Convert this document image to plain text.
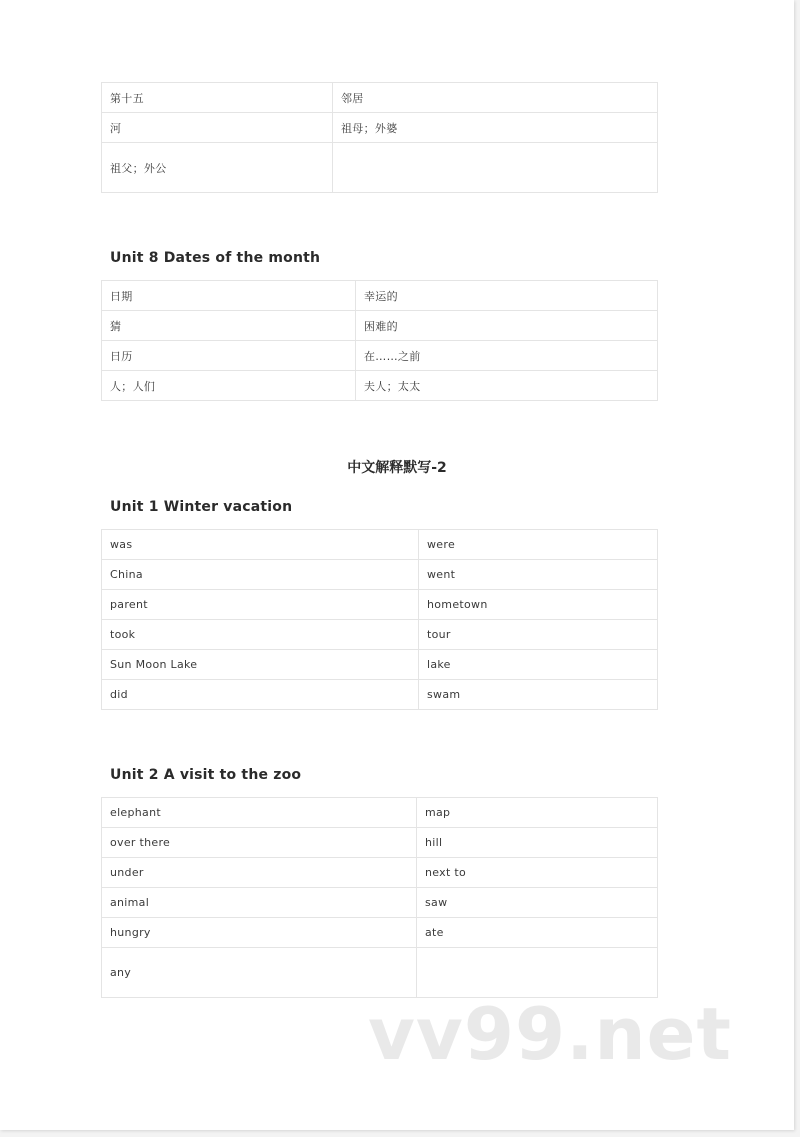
第十五	邻居
河	祖母；外婆
祖父；外公	
Unit 8 Dates of the month
日期	幸运的
猜	困难的
日历	在……之前
人；人们	夫人；太太
中文解释默写-2
Unit 1 Winter vacation
was	were
China	went
parent	hometown
took	tour
Sun Moon Lake	lake
did	swam
Unit 2 A visit to the zoo
elephant	map
over there	hill
under	next to
animal	saw
hungry	ate
any	
vv99.net
